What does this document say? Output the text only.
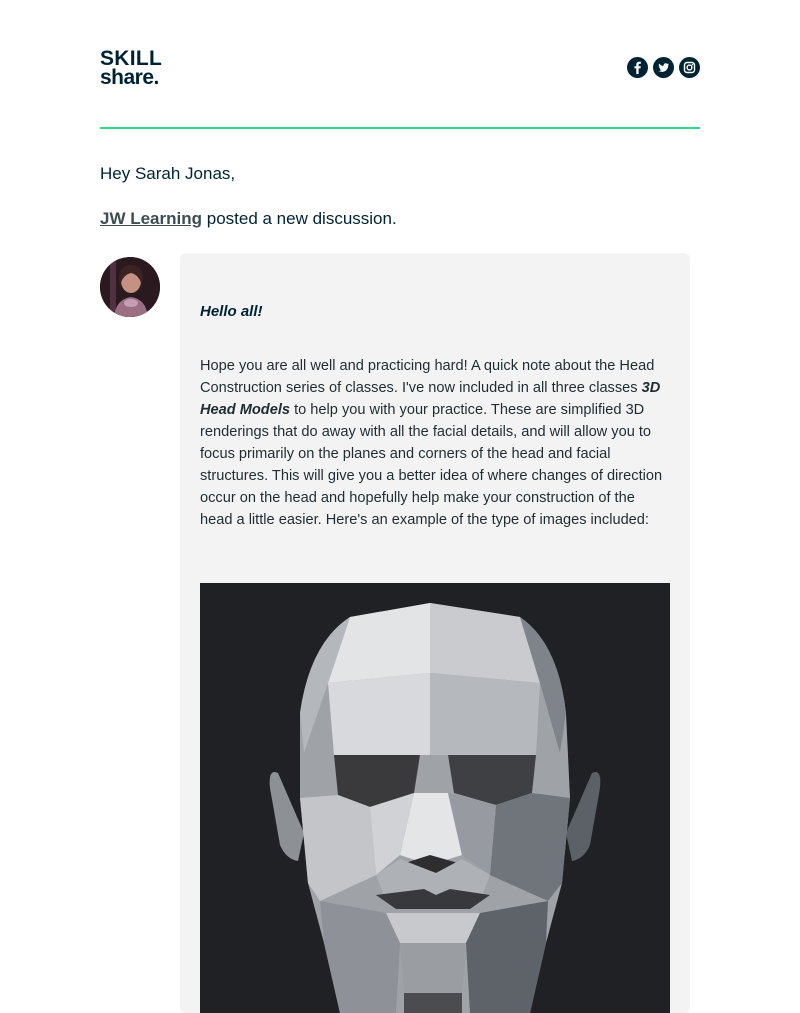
SKILL
share.
Hey Sarah Jonas,
JW Learning posted a new discussion.
Hello all!
Hope you are all well and practicing hard! A quick note about the Head Construction series of classes. I've now included in all three classes 3D Head Models to help you with your practice. These are simplified 3D renderings that do away with all the facial details, and will allow you to focus primarily on the planes and corners of the head and facial structures. This will give you a better idea of where changes of direction occur on the head and hopefully help make your construction of the head a little easier. Here's an example of the type of images included:
